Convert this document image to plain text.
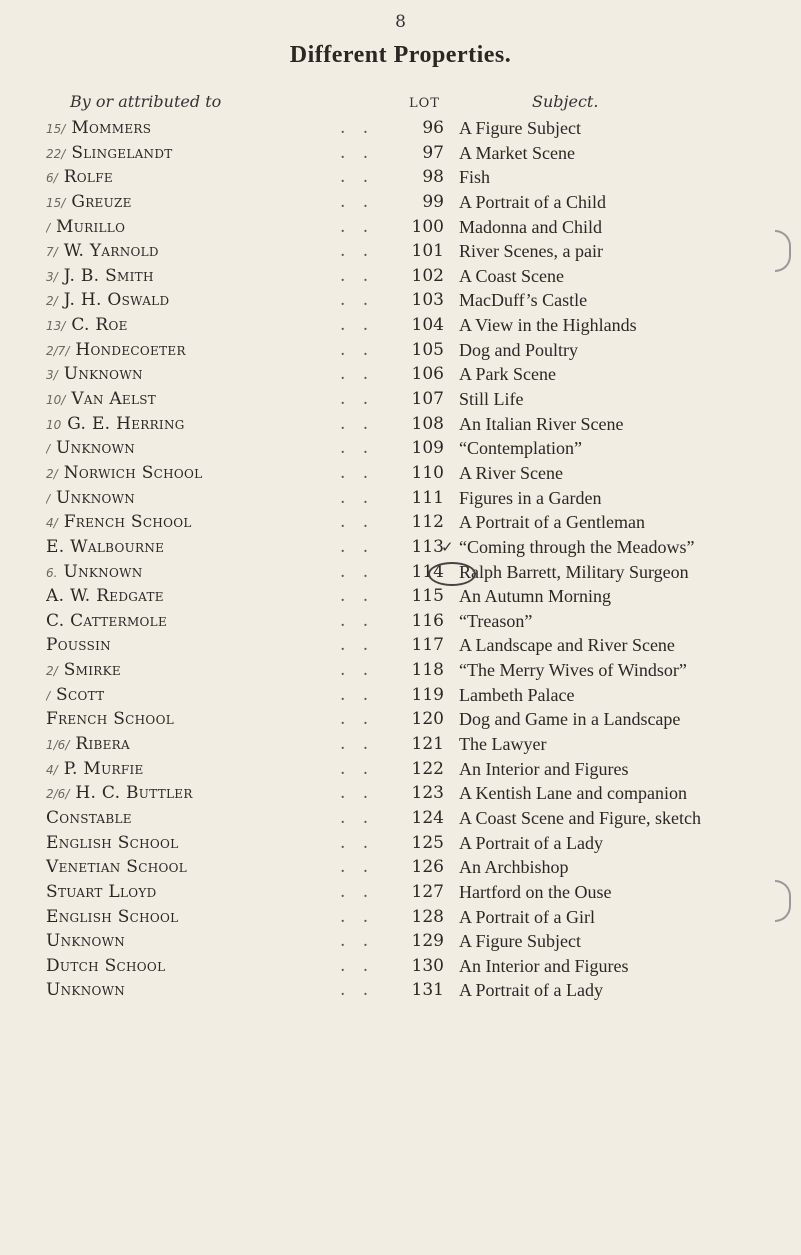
8
Different Properties.
By or attributed to	LOT	Subject.
15/ Mommers	. .	96 A Figure Subject
22/ Slingelandt	. .	97 A Market Scene
6/ Rolfe	. .	98 Fish
15/ Greuze	. .	99 A Portrait of a Child
/ Murillo	. .	100 Madonna and Child
7/ W. Yarnold	. .	101 River Scenes, a pair
3/ J. B. Smith	. .	102 A Coast Scene
2/ J. H. Oswald	. .	103 MacDuff’s Castle
13/ C. Roe	. .	104 A View in the Highlands
2/7/ Hondecoeter	. .	105 Dog and Poultry
3/ Unknown	. .	106 A Park Scene
10/ Van Aelst	. .	107 Still Life
10 G. E. Herring	. .	108 An Italian River Scene
/ Unknown	. .	109 “Contemplation”
2/ Norwich School	. .	110 A River Scene
/ Unknown	. .	111 Figures in a Garden
4/ French School	. .	112 A Portrait of a Gentleman
E. Walbourne	. .	113 “Coming through the Meadows”
✓
6. Unknown	. .	114 Ralph Barrett, Military Surgeon
A. W. Redgate	. .	115 An Autumn Morning
C. Cattermole	. .	116 “Treason”
Poussin	. .	117 A Landscape and River Scene
2/ Smirke	. .	118 “The Merry Wives of Windsor”
/ Scott	. .	119 Lambeth Palace
French School	. .	120 Dog and Game in a Landscape
1/6/ Ribera	. .	121 The Lawyer
4/ P. Murfie	. .	122 An Interior and Figures
2/6/ H. C. Buttler	. .	123 A Kentish Lane and companion
Constable	. .	124 A Coast Scene and Figure, sketch
English School	. .	125 A Portrait of a Lady
Venetian School	. .	126 An Archbishop
Stuart Lloyd	. .	127 Hartford on the Ouse
English School	. .	128 A Portrait of a Girl
Unknown	. .	129 A Figure Subject
Dutch School	. .	130 An Interior and Figures
Unknown	. .	131 A Portrait of a Lady
